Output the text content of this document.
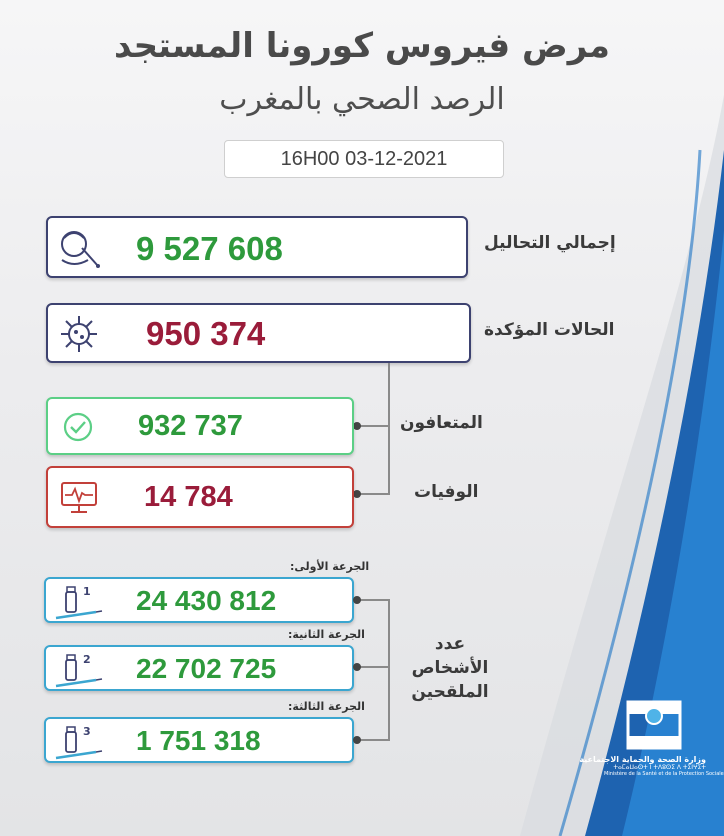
مرض فيروس كورونا المستجد
الرصد الصحي بالمغرب
16H00 03-12-2021
9 527 608	إجمالي التحاليل
950 374	الحالات المؤكدة
932 737	المتعافون
14 784	الوفيات
الجرعة الأولى:
1 24 430 812
الجرعة الثانية:
2 22 702 725
الجرعة الثالثة:
3 1 751 318
عدد
الأشخاص
الملقحين
وزارة الصحة والحماية الاجتماعية
ⵜⴰⵎⴰⵡⴰⵙⵜ ⵏ ⵜⴷⵓⵙⵉ ⴷ ⵜⵉⵏⵖⵉⵜ
Ministère de la Santé et de la Protection Sociale
